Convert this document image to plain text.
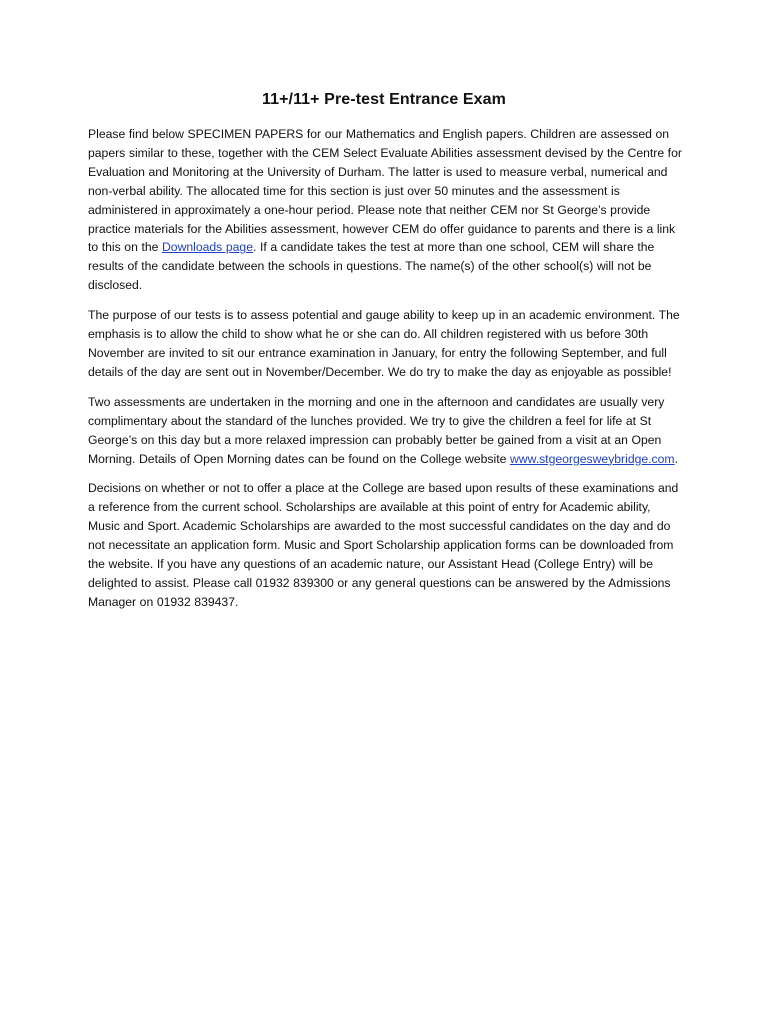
11+/11+ Pre-test Entrance Exam

Please find below SPECIMEN PAPERS for our Mathematics and English papers. Children are assessed on papers similar to these, together with the CEM Select Evaluate Abilities assessment devised by the Centre for Evaluation and Monitoring at the University of Durham. The latter is used to measure verbal, numerical and non-verbal ability. The allocated time for this section is just over 50 minutes and the assessment is administered in approximately a one-hour period. Please note that neither CEM nor St George’s provide practice materials for the Abilities assessment, however CEM do offer guidance to parents and there is a link to this on the Downloads page. If a candidate takes the test at more than one school, CEM will share the results of the candidate between the schools in questions. The name(s) of the other school(s) will not be disclosed.

The purpose of our tests is to assess potential and gauge ability to keep up in an academic environment. The emphasis is to allow the child to show what he or she can do. All children registered with us before 30th November are invited to sit our entrance examination in January, for entry the following September, and full details of the day are sent out in November/December. We do try to make the day as enjoyable as possible!

Two assessments are undertaken in the morning and one in the afternoon and candidates are usually very complimentary about the standard of the lunches provided. We try to give the children a feel for life at St George’s on this day but a more relaxed impression can probably better be gained from a visit at an Open Morning. Details of Open Morning dates can be found on the College website www.stgeorgesweybridge.com.

Decisions on whether or not to offer a place at the College are based upon results of these examinations and a reference from the current school. Scholarships are available at this point of entry for Academic ability, Music and Sport. Academic Scholarships are awarded to the most successful candidates on the day and do not necessitate an application form. Music and Sport Scholarship application forms can be downloaded from the website. If you have any questions of an academic nature, our Assistant Head (College Entry) will be delighted to assist. Please call 01932 839300 or any general questions can be answered by the Admissions Manager on 01932 839437.
